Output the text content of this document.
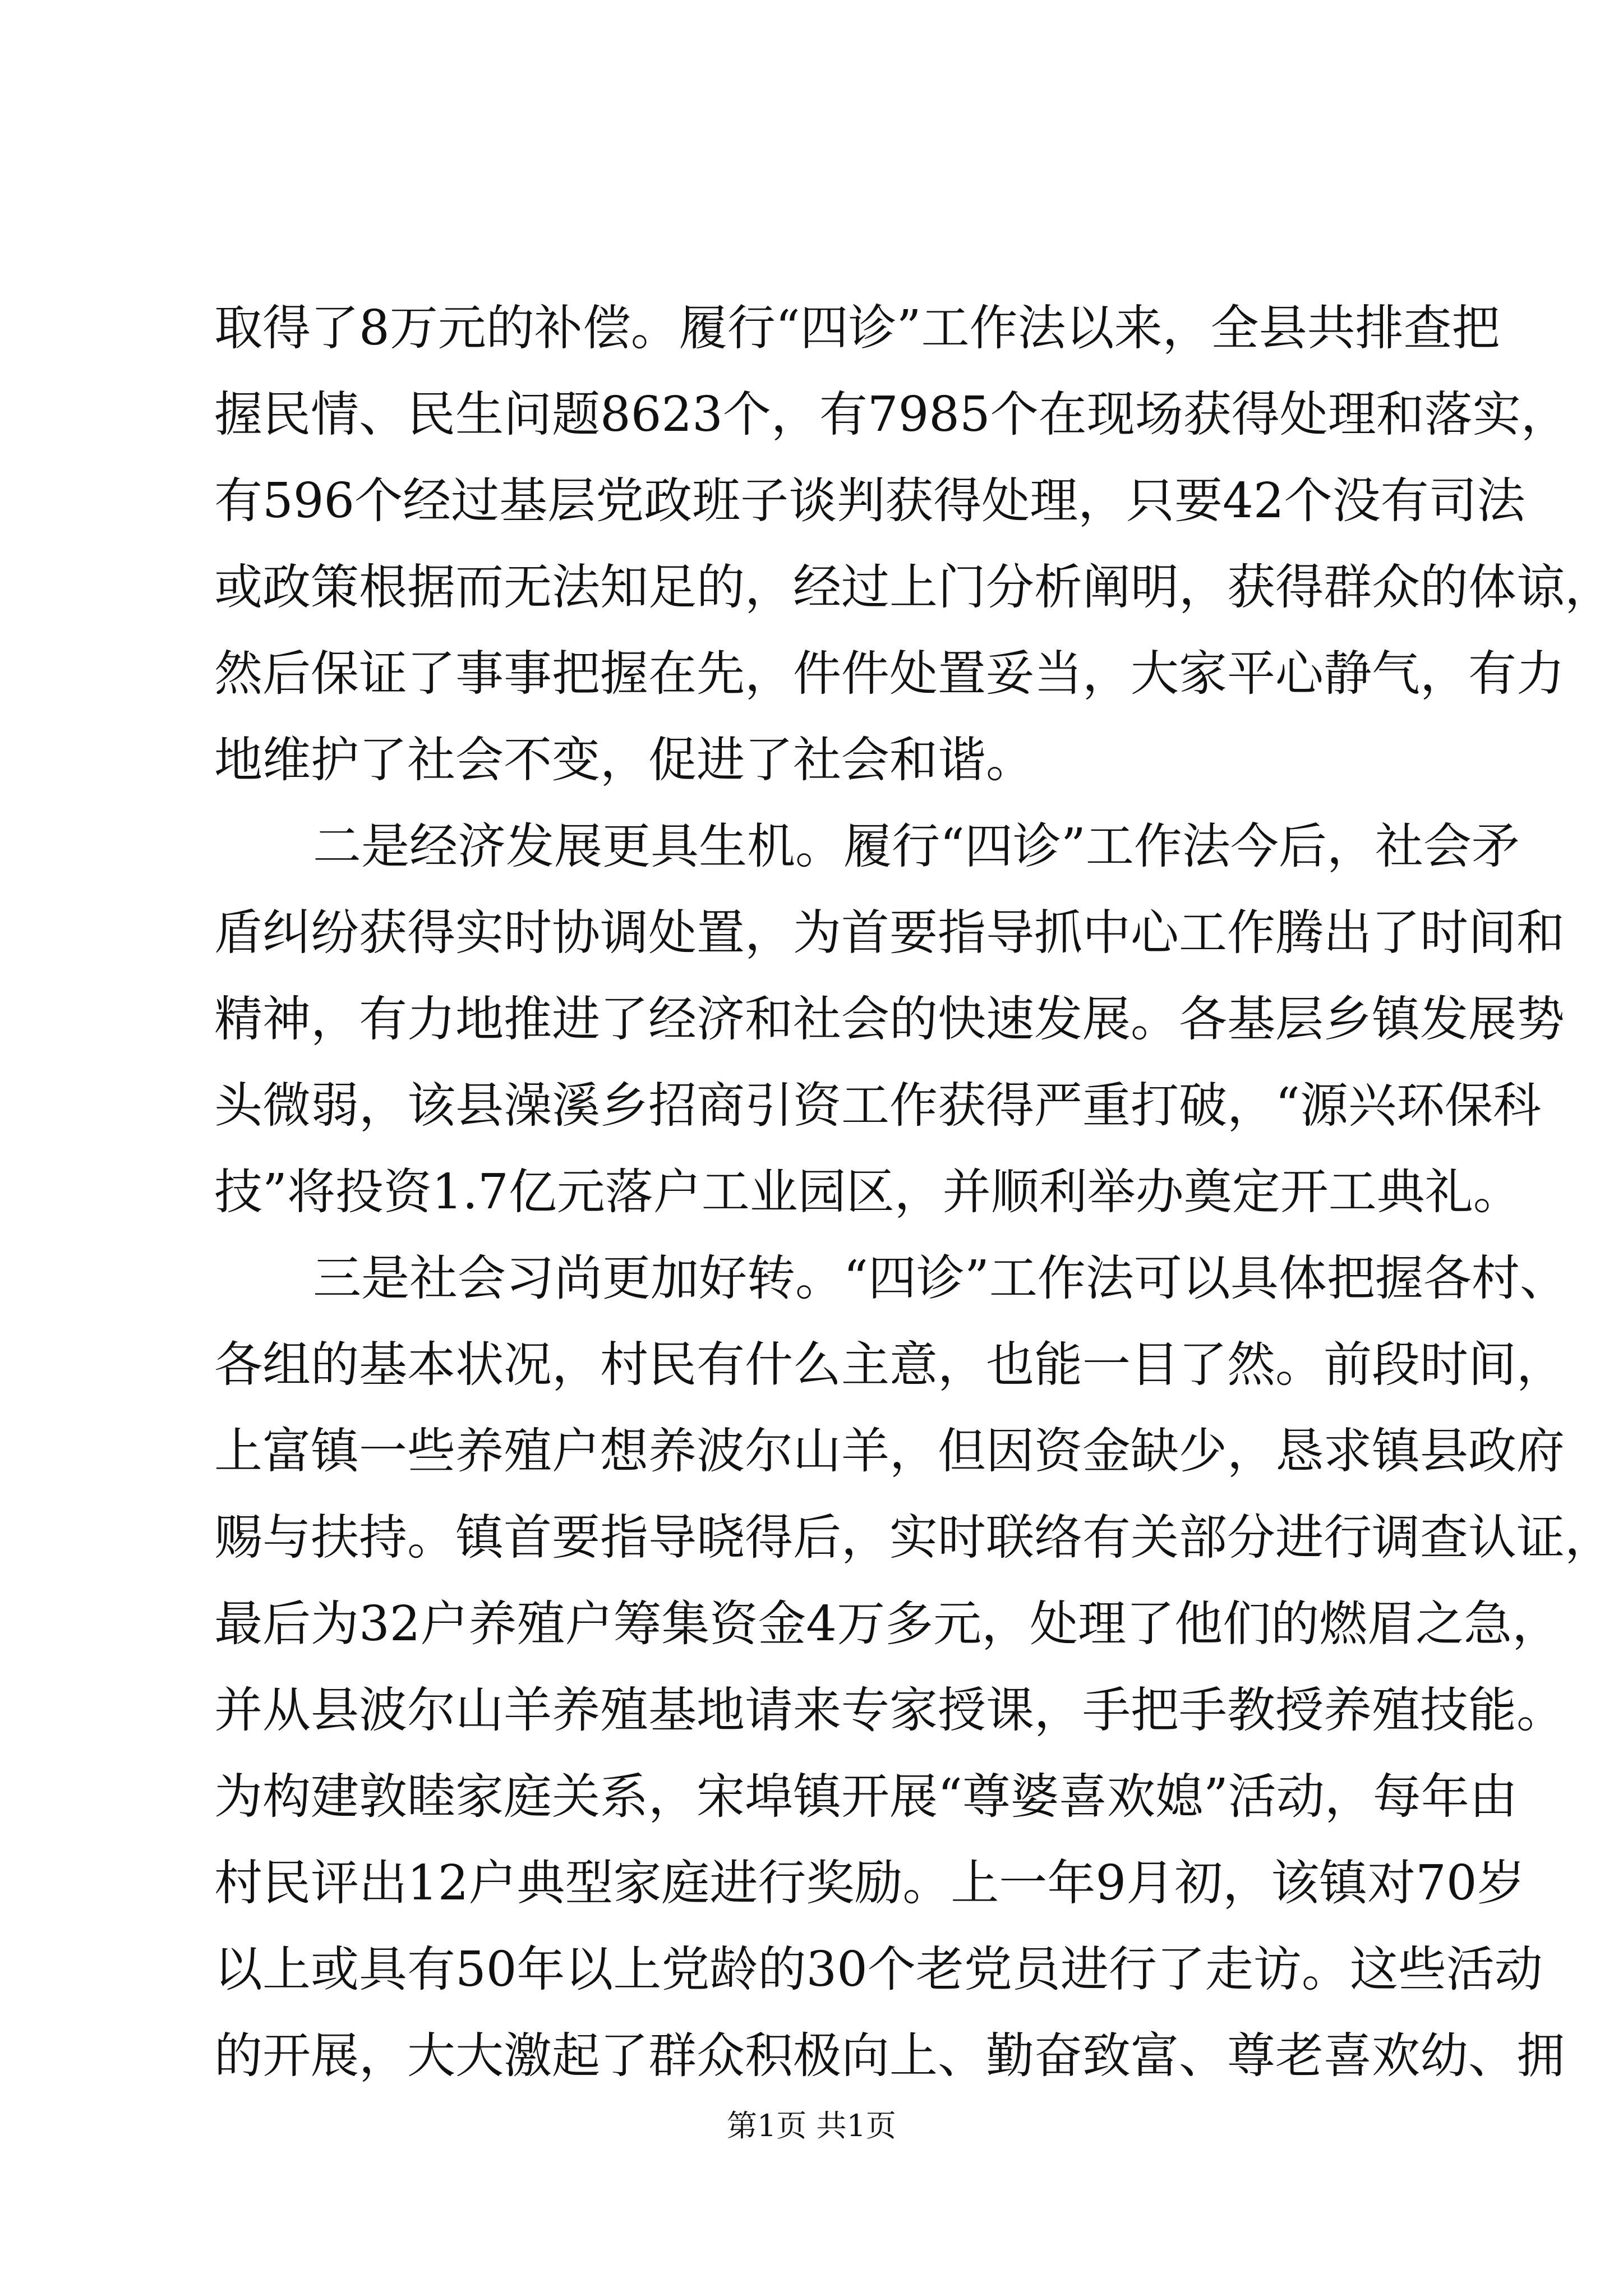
取得了8万元的补偿。履行“四诊”工作法以来，全县共排查把
握民情、民生问题8623个，有7985个在现场获得处理和落实，
有596个经过基层党政班子谈判获得处理，只要42个没有司法
或政策根据而无法知足的，经过上门分析阐明，获得群众的体谅，
然后保证了事事把握在先，件件处置妥当，大家平心静气，有力
地维护了社会不变，促进了社会和谐。
二是经济发展更具生机。履行“四诊”工作法今后，社会矛
盾纠纷获得实时协调处置，为首要指导抓中心工作腾出了时间和
精神，有力地推进了经济和社会的快速发展。各基层乡镇发展势
头微弱，该县澡溪乡招商引资工作获得严重打破，“源兴环保科
技”将投资1.7亿元落户工业园区，并顺利举办奠定开工典礼。
三是社会习尚更加好转。“四诊”工作法可以具体把握各村、
各组的基本状况，村民有什么主意，也能一目了然。前段时间，
上富镇一些养殖户想养波尔山羊，但因资金缺少，恳求镇县政府
赐与扶持。镇首要指导晓得后，实时联络有关部分进行调查认证，
最后为32户养殖户筹集资金4万多元，处理了他们的燃眉之急，
并从县波尔山羊养殖基地请来专家授课，手把手教授养殖技能。
为构建敦睦家庭关系，宋埠镇开展“尊婆喜欢媳”活动，每年由
村民评出12户典型家庭进行奖励。上一年9月初，该镇对70岁
以上或具有50年以上党龄的30个老党员进行了走访。这些活动
的开展，大大激起了群众积极向上、勤奋致富、尊老喜欢幼、拥
第1页 共1页
